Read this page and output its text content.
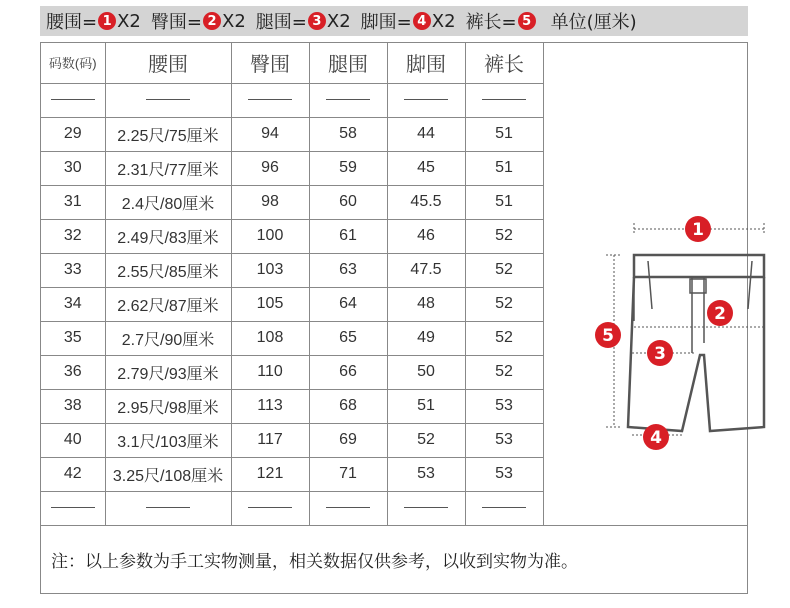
腰围= 1 X2 臀围= 2 X2 腿围= 3 X2 脚围= 4 X2 裤长= 5 单位(厘米)
码数(码)	腰围	臀围	腿围	脚围	裤长

29	2.25尺/75厘米	94	58	44	51
30	2.31尺/77厘米	96	59	45	51
31	2.4尺/80厘米	98	60	45.5	51
32	2.49尺/83厘米	100	61	46	52
33	2.55尺/85厘米	103	63	47.5	52
34	2.62尺/87厘米	105	64	48	52
35	2.7尺/90厘米	108	65	49	52
36	2.79尺/93厘米	110	66	50	52
38	2.95尺/98厘米	113	68	51	53
40	3.1尺/103厘米	117	69	52	53
42	3.25尺/108厘米	121	71	53	53

1
2
3
4
5
注：以上参数为手工实物测量，相关数据仅供参考，以收到实物为准。
